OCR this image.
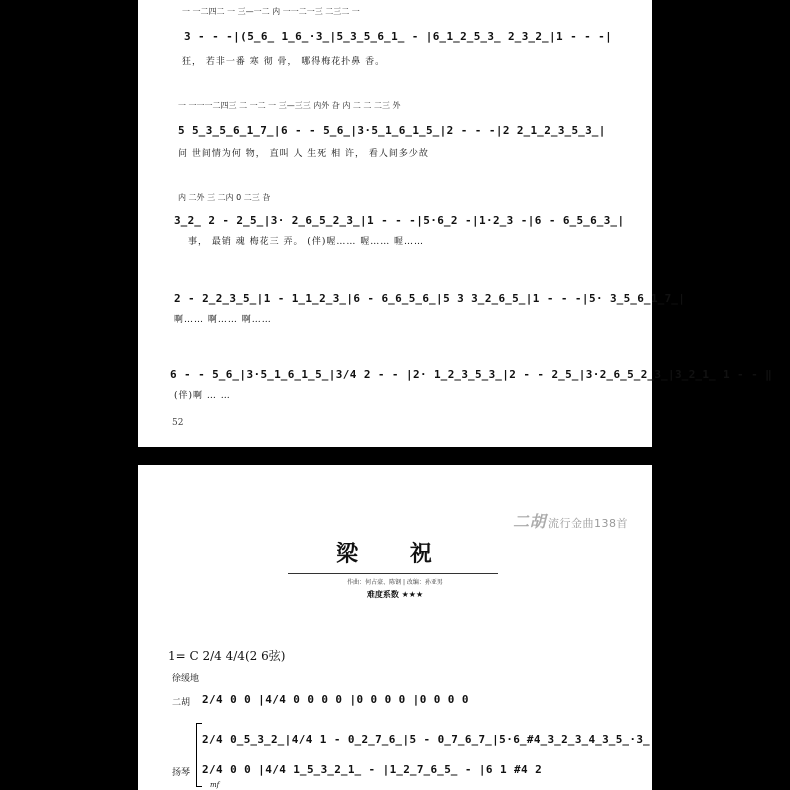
一 一二四二 一 三—一二 内 一一二一三 二三二 一
3 - - -|(5̲6̲ 1̲6̲·3̲|5̲3̲5̲6̲1̲ - |6̲1̲2̲5̲3̲ 2̲3̲2̲|1 - - -|
狂， 若非一番 寒 彻 骨， 哪得梅花扑鼻 香。
一 一一一二四三 二 一二 一 三—三三 内外 旮 内 二 二 二三 外
5 5̲3̲5̲6̲1̲7̲|6 - - 5̲6̲|3·5̲1̲6̲1̲5̲|2 - - -|2 2̲1̲2̲3̲5̲3̲|
问 世间情为何 物， 直叫 人 生死 相 许， 看人间多少故
内 二外 三 二内 0 二三 旮
3̲2̲ 2 - 2̲5̲|3· 2̲6̲5̲2̲3̲|1 - - -|5·6̲2 -|1·2̲3 -|6 - 6̲5̲6̲3̲|
事， 最销 魂 梅花三 弄。 (伴)喔…… 喔…… 喔……
2 - 2̲2̲3̲5̲|1 - 1̲1̲2̲3̲|6 - 6̲6̲5̲6̲|5 3 3̲2̲6̲5̲|1 - - -|5· 3̲5̲6̲1̲7̲|
啊…… 啊…… 啊……
6 - - 5̲6̲|3·5̲1̲6̲1̲5̲|3/4 2 - - |2· 1̲2̲3̲5̲3̲|2 - - 2̲5̲|3·2̲6̲5̲2̲3̲|3̲2̲1̲ 1 - - ‖
(伴)啊 … …
52
二胡 流行金曲138首
梁 祝
作曲：何占豪、陈钢 | 改编：孙亚男
难度系数 ★★★
1= C 2/4 4/4(2 6弦)
徐缓地
二胡 2/4 0 0 |4/4 0 0 0 0 |0 0 0 0 |0 0 0 0
2/4 0̲5̲3̲2̲|4/4 1 - 0̲2̲7̲6̲|5 - 0̲7̲6̲7̲|5·6̲#4̲3̲2̲3̲4̲3̲5̲·3̲
扬琴 2/4 0 0 |4/4 1̲5̲3̲2̲1̲ - |1̲2̲7̲6̲5̲ - |6 1 #4 2
mf
